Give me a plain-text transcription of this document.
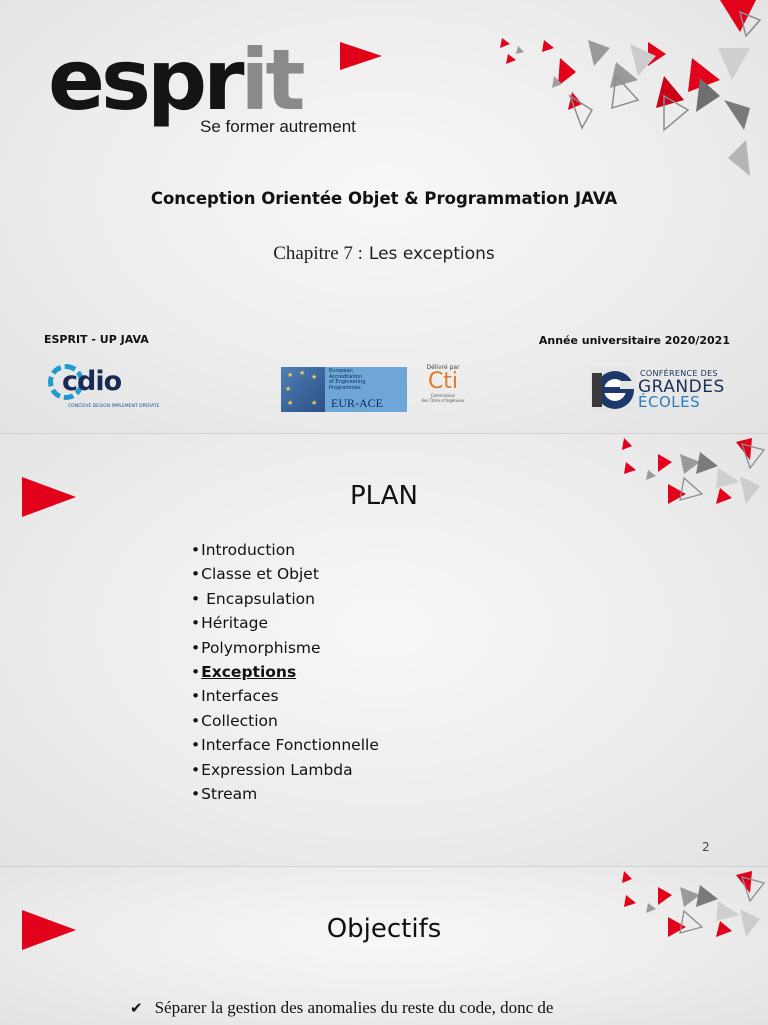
esprit
Se former autrement
Conception Orientée Objet & Programmation JAVA
Chapitre 7 : Les exceptions
ESPRIT - UP JAVA	Année universitaire 2020/2021
cdio
CONCEIVE DESIGN IMPLEMENT OPERATE
★ ★
★
★
★	★
European
Accreditation
of Engineering
Programmes
EUR-ACE
Délivré par
Cti
Commission
des Titres d'Ingénieur
CONFÉRENCE DES
GRANDES
ÉCOLES
PLAN
•Introduction
•Classe et Objet
• Encapsulation
•Héritage
•Polymorphisme
•Exceptions
•Interfaces
•Collection
•Interface Fonctionnelle
•Expression Lambda
•Stream
2
Objectifs
✔ Séparer la gestion des anomalies du reste du code, donc de
